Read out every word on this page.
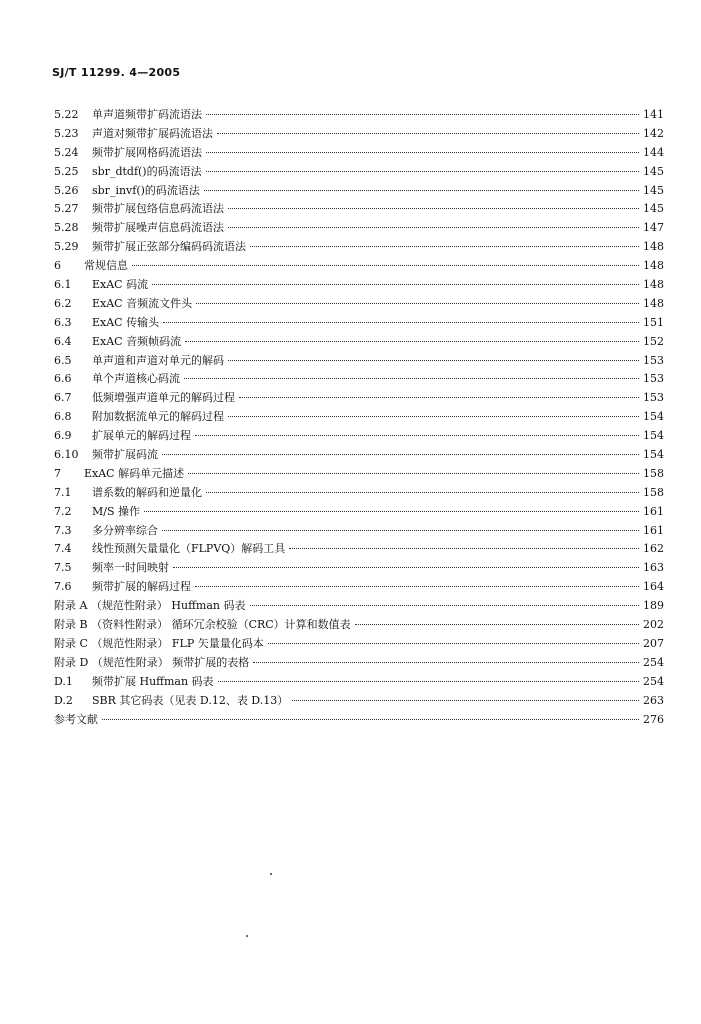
SJ/T 11299. 4—2005
5.22	单声道频带扩码流语法	141
5.23	声道对频带扩展码流语法	142
5.24	频带扩展网格码流语法	144
5.25	sbr_dtdf()的码流语法	145
5.26	sbr_invf()的码流语法	145
5.27	频带扩展包络信息码流语法	145
5.28	频带扩展噪声信息码流语法	147
5.29	频带扩展正弦部分编码码流语法	148
6	常规信息	148
6.1	ExAC 码流	148
6.2	ExAC 音频流文件头	148
6.3	ExAC 传输头	151
6.4	ExAC 音频帧码流	152
6.5	单声道和声道对单元的解码	153
6.6	单个声道核心码流	153
6.7	低频增强声道单元的解码过程	153
6.8	附加数据流单元的解码过程	154
6.9	扩展单元的解码过程	154
6.10	频带扩展码流	154
7	ExAC 解码单元描述	158
7.1	谱系数的解码和逆量化	158
7.2	M/S 操作	161
7.3	多分辨率综合	161
7.4	线性预测矢量量化（FLPVQ）解码工具	162
7.5	频率一时间映射	163
7.6	频带扩展的解码过程	164
附录 A （规范性附录） Huffman 码表	189
附录 B （资料性附录） 循环冗余校验（CRC）计算和数值表	202
附录 C （规范性附录） FLP 矢量量化码本	207
附录 D （规范性附录） 频带扩展的表格	254
D.1	频带扩展 Huffman 码表	254
D.2	SBR 其它码表（见表 D.12、表 D.13）	263
参考文献	276
